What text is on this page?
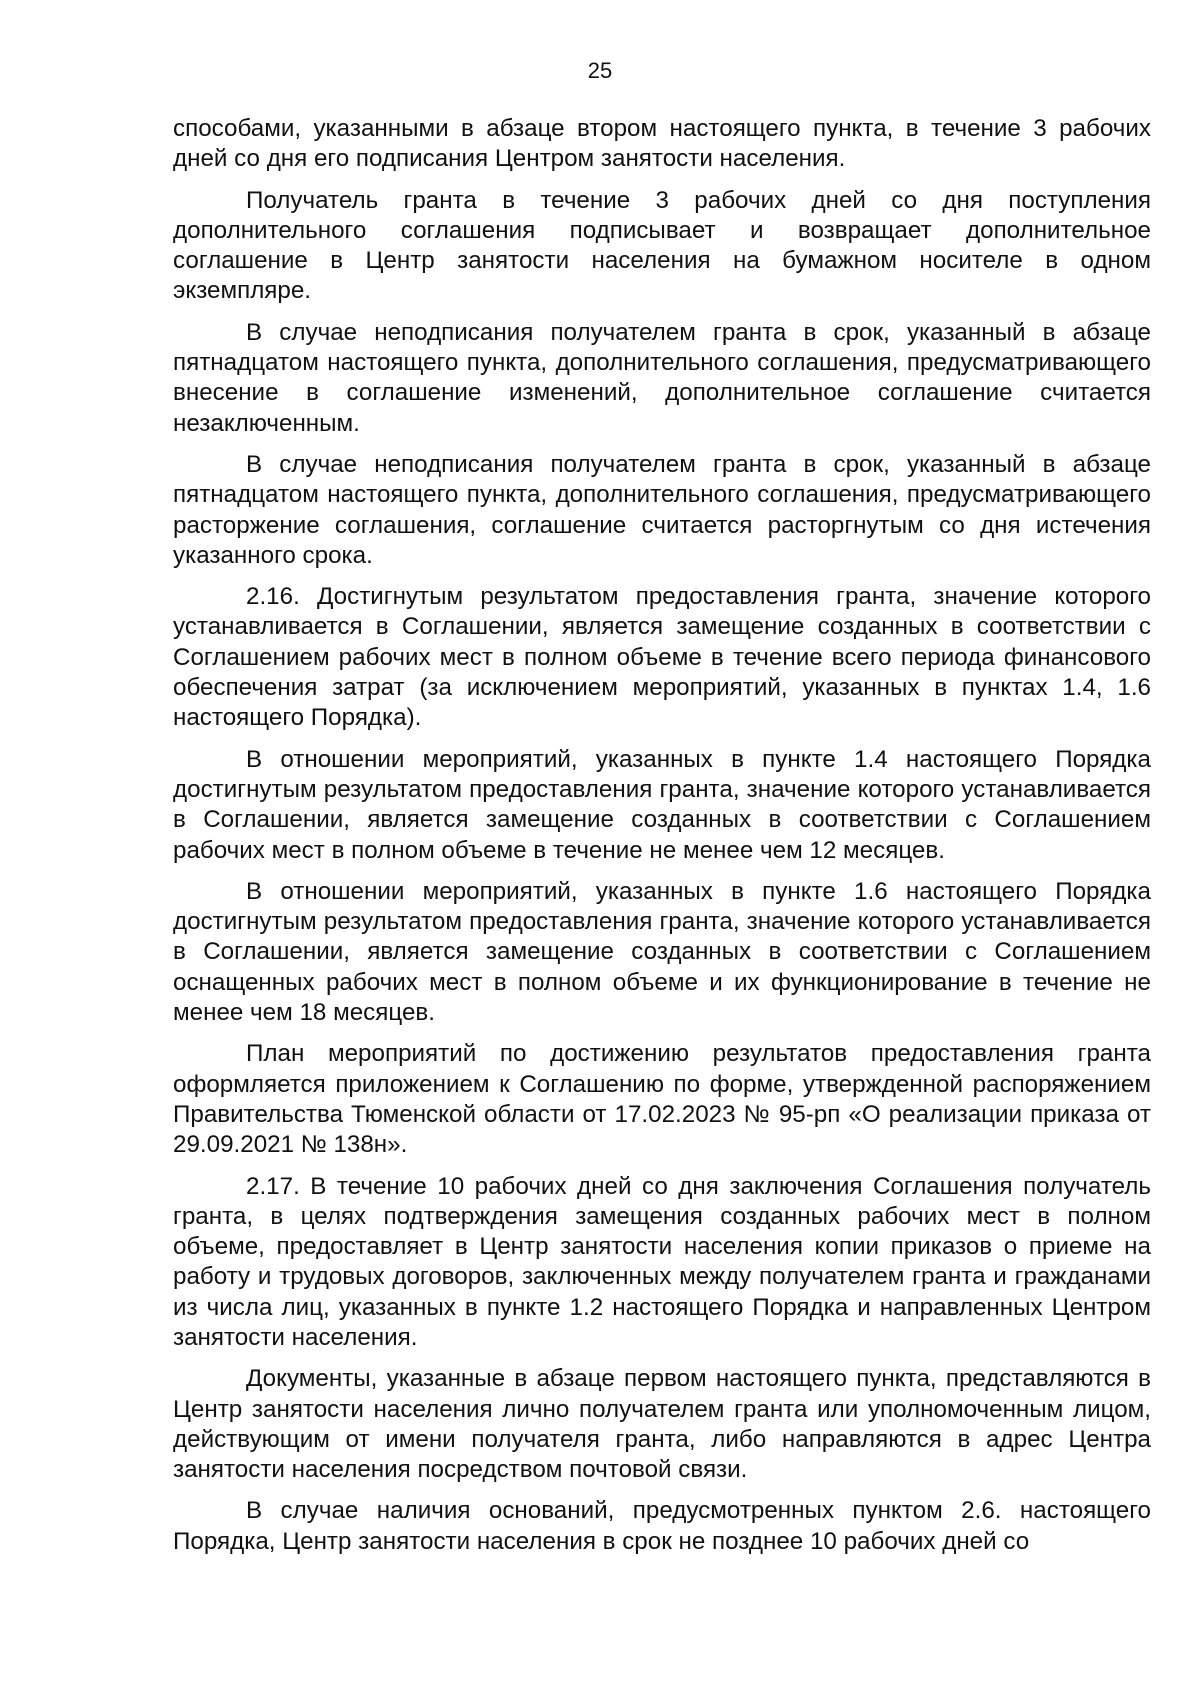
25

способами, указанными в абзаце втором настоящего пункта, в течение 3 рабочих дней со дня его подписания Центром занятости населения.

Получатель гранта в течение 3 рабочих дней со дня поступления дополнительного соглашения подписывает и возвращает дополнительное соглашение в Центр занятости населения на бумажном носителе в одном экземпляре.

В случае неподписания получателем гранта в срок, указанный в абзаце пятнадцатом настоящего пункта, дополнительного соглашения, предусматривающего внесение в соглашение изменений, дополнительное соглашение считается незаключенным.

В случае неподписания получателем гранта в срок, указанный в абзаце пятнадцатом настоящего пункта, дополнительного соглашения, предусматривающего расторжение соглашения, соглашение считается расторгнутым со дня истечения указанного срока.

2.16. Достигнутым результатом предоставления гранта, значение которого устанавливается в Соглашении, является замещение созданных в соответствии с Соглашением рабочих мест в полном объеме в течение всего периода финансового обеспечения затрат (за исключением мероприятий, указанных в пунктах 1.4, 1.6 настоящего Порядка).

В отношении мероприятий, указанных в пункте 1.4 настоящего Порядка достигнутым результатом предоставления гранта, значение которого устанавливается в Соглашении, является замещение созданных в соответствии с Соглашением рабочих мест в полном объеме в течение не менее чем 12 месяцев.

В отношении мероприятий, указанных в пункте 1.6 настоящего Порядка достигнутым результатом предоставления гранта, значение которого устанавливается в Соглашении, является замещение созданных в соответствии с Соглашением оснащенных рабочих мест в полном объеме и их функционирование в течение не менее чем 18 месяцев.

План мероприятий по достижению результатов предоставления гранта оформляется приложением к Соглашению по форме, утвержденной распоряжением Правительства Тюменской области от 17.02.2023 № 95-рп «О реализации приказа от 29.09.2021 № 138н».

2.17. В течение 10 рабочих дней со дня заключения Соглашения получатель гранта, в целях подтверждения замещения созданных рабочих мест в полном объеме, предоставляет в Центр занятости населения копии приказов о приеме на работу и трудовых договоров, заключенных между получателем гранта и гражданами из числа лиц, указанных в пункте 1.2 настоящего Порядка и направленных Центром занятости населения.

Документы, указанные в абзаце первом настоящего пункта, представляются в Центр занятости населения лично получателем гранта или уполномоченным лицом, действующим от имени получателя гранта, либо направляются в адрес Центра занятости населения посредством почтовой связи.

В случае наличия оснований, предусмотренных пунктом 2.6. настоящего Порядка, Центр занятости населения в срок не позднее 10 рабочих дней со
